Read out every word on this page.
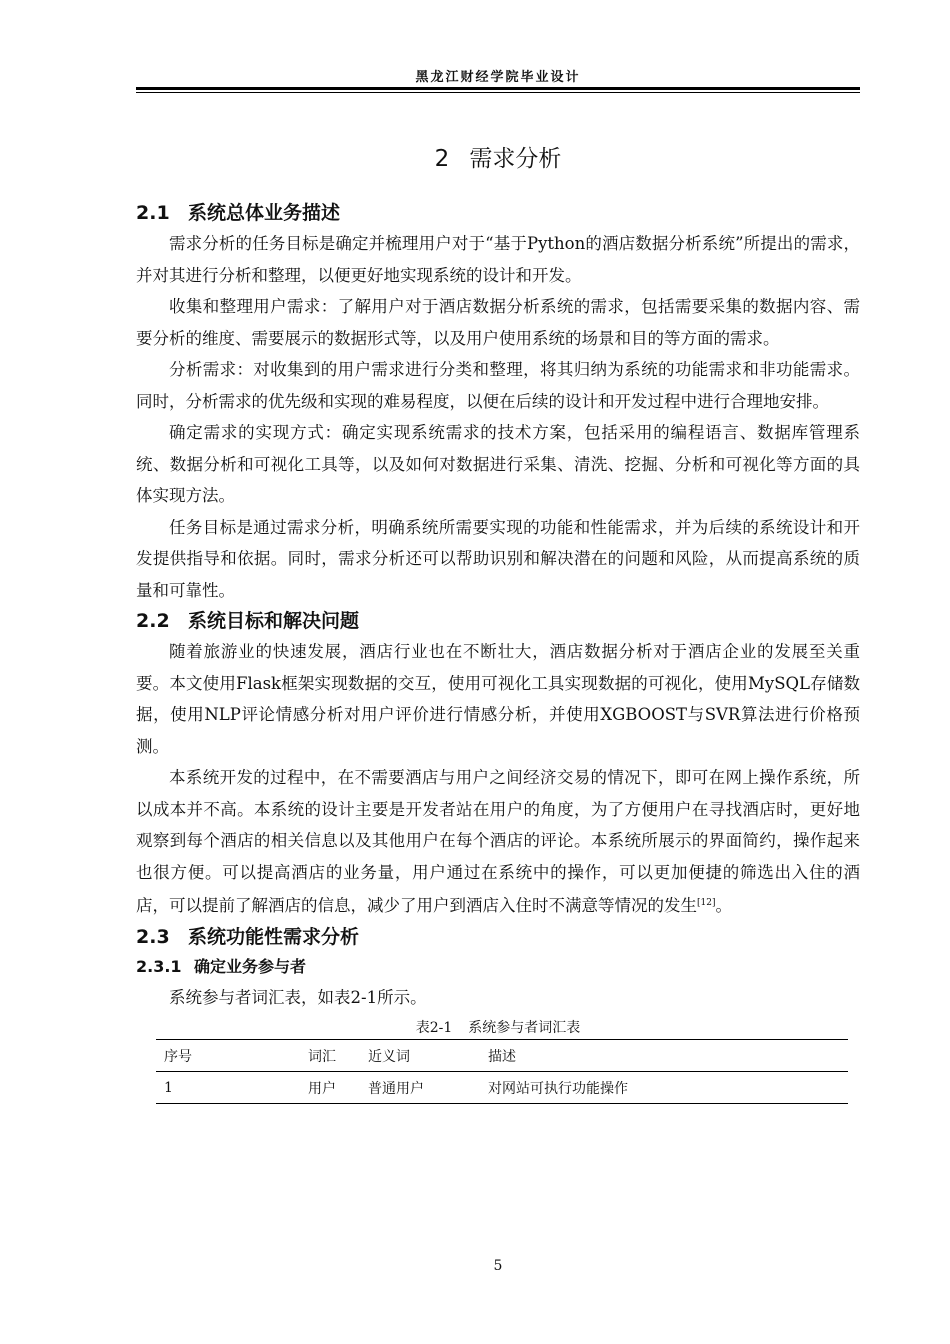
黑龙江财经学院毕业设计
2 需求分析
2.1 系统总体业务描述

需求分析的任务目标是确定并梳理用户对于“基于Python的酒店数据分析系统”所提出的需求，并对其进行分析和整理，以便更好地实现系统的设计和开发。

收集和整理用户需求：了解用户对于酒店数据分析系统的需求，包括需要采集的数据内容、需要分析的维度、需要展示的数据形式等，以及用户使用系统的场景和目的等方面的需求。

分析需求：对收集到的用户需求进行分类和整理，将其归纳为系统的功能需求和非功能需求。同时，分析需求的优先级和实现的难易程度，以便在后续的设计和开发过程中进行合理地安排。

确定需求的实现方式：确定实现系统需求的技术方案，包括采用的编程语言、数据库管理系统、数据分析和可视化工具等，以及如何对数据进行采集、清洗、挖掘、分析和可视化等方面的具体实现方法。

任务目标是通过需求分析，明确系统所需要实现的功能和性能需求，并为后续的系统设计和开发提供指导和依据。同时，需求分析还可以帮助识别和解决潜在的问题和风险，从而提高系统的质量和可靠性。

2.2 系统目标和解决问题

随着旅游业的快速发展，酒店行业也在不断壮大，酒店数据分析对于酒店企业的发展至关重要。本文使用Flask框架实现数据的交互，使用可视化工具实现数据的可视化，使用MySQL存储数据，使用NLP评论情感分析对用户评价进行情感分析，并使用XGBOOST与SVR算法进行价格预测。

本系统开发的过程中，在不需要酒店与用户之间经济交易的情况下，即可在网上操作系统，所以成本并不高。本系统的设计主要是开发者站在用户的角度，为了方便用户在寻找酒店时，更好地观察到每个酒店的相关信息以及其他用户在每个酒店的评论。本系统所展示的界面简约，操作起来也很方便。可以提高酒店的业务量，用户通过在系统中的操作，可以更加便捷的筛选出入住的酒店，可以提前了解酒店的信息，减少了用户到酒店入住时不满意等情况的发生[12]。

2.3 系统功能性需求分析
2.3.1 确定业务参与者

系统参与者词汇表，如表2-1所示。

表2-1 系统参与者词汇表
序号	词汇	近义词	描述
1	用户	普通用户	对网站可执行功能操作
5
